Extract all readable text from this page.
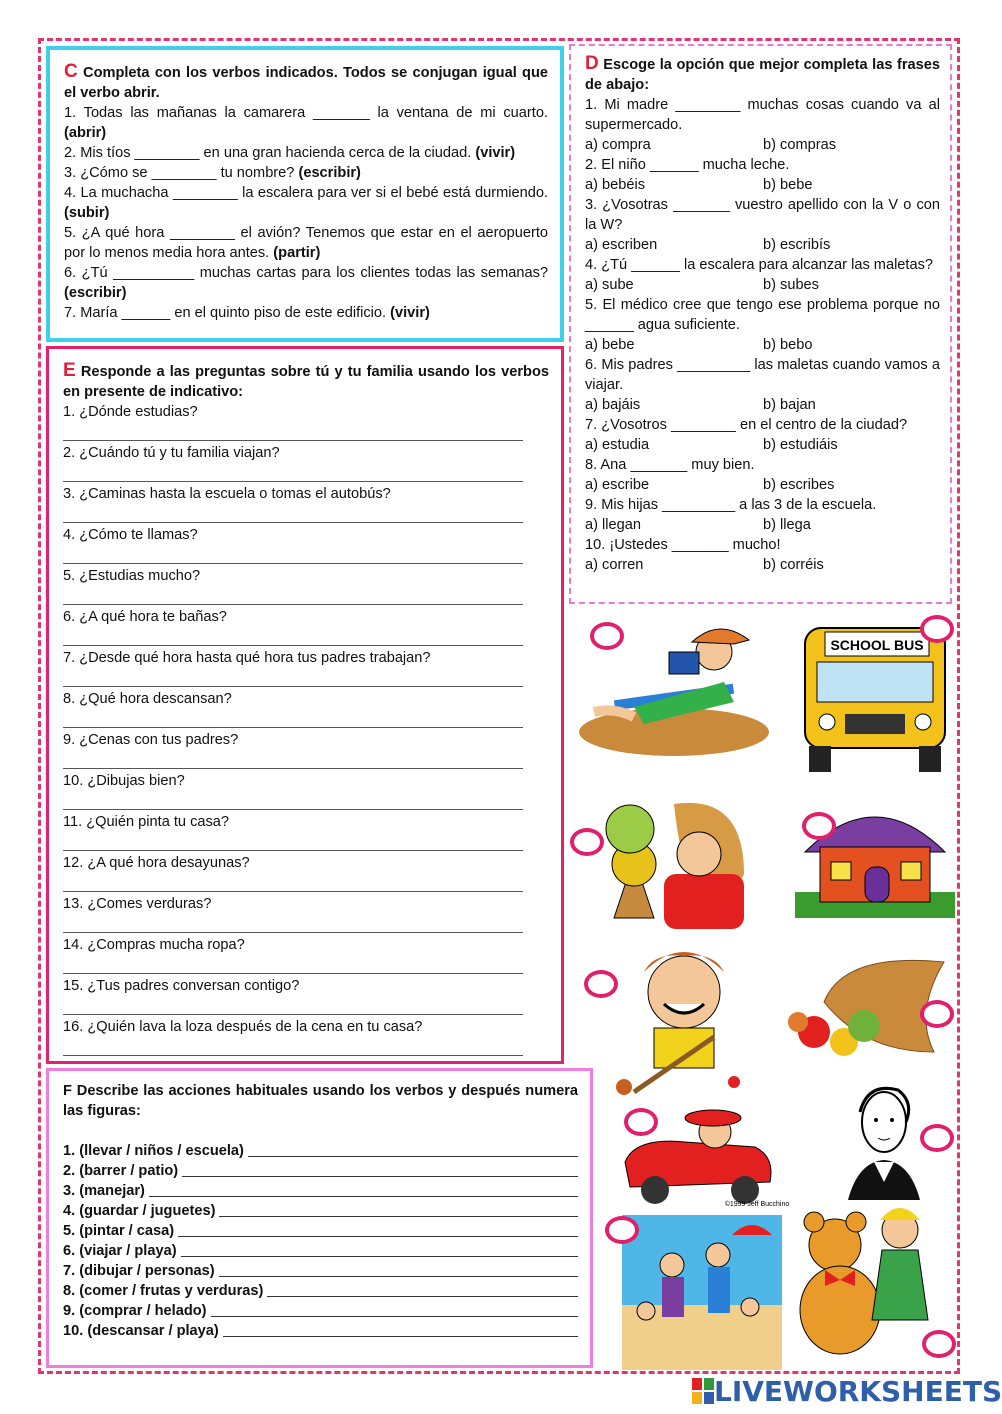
C Completa con los verbos indicados. Todos se conjugan igual que el verbo abrir.
1. Todas las mañanas la camarera _______ la ventana de mi cuarto. (abrir)
2. Mis tíos ________ en una gran hacienda cerca de la ciudad. (vivir)
3. ¿Cómo se ________ tu nombre? (escribir)
4. La muchacha ________ la escalera para ver si el bebé está durmiendo. (subir)
5. ¿A qué hora ________ el avión? Tenemos que estar en el aeropuerto por lo menos media hora antes. (partir)
6. ¿Tú __________ muchas cartas para los clientes todas las semanas? (escribir)
7. María ______ en el quinto piso de este edificio. (vivir)
D Escoge la opción que mejor completa las frases de abajo:
1. Mi madre ________ muchas cosas cuando va al supermercado.
a) compra	b) compras
2. El niño ______ mucha leche.
a) bebéis	b) bebe
3. ¿Vosotras _______ vuestro apellido con la V o con la W?
a) escriben	b) escribís
4. ¿Tú ______ la escalera para alcanzar las maletas?
a) sube	b) subes
5. El médico cree que tengo ese problema porque no ______ agua suficiente.
a) bebe	b) bebo
6. Mis padres _________ las maletas cuando vamos a viajar.
a) bajáis	b) bajan
7. ¿Vosotros ________ en el centro de la ciudad?
a) estudia	b) estudiáis
8. Ana _______ muy bien.
a) escribe	b) escribes
9. Mis hijas _________ a las 3 de la escuela.
a) llegan	b) llega
10. ¡Ustedes _______ mucho!
a) corren	b) corréis
E Responde a las preguntas sobre tú y tu familia usando los verbos en presente de indicativo:
1. ¿Dónde estudias?
2. ¿Cuándo tú y tu familia viajan?
3. ¿Caminas hasta la escuela o tomas el autobús?
4. ¿Cómo te llamas?
5. ¿Estudias mucho?
6. ¿A qué hora te bañas?
7. ¿Desde qué hora hasta qué hora tus padres trabajan?
8. ¿Qué hora descansan?
9. ¿Cenas con tus padres?
10. ¿Dibujas bien?
11. ¿Quién pinta tu casa?
12. ¿A qué hora desayunas?
13. ¿Comes verduras?
14. ¿Compras mucha ropa?
15. ¿Tus padres conversan contigo?
16. ¿Quién lava la loza después de la cena en tu casa?
F Describe las acciones habituales usando los verbos y después numera las figuras:
1. (llevar / niños / escuela)
2. (barrer / patio)
3. (manejar)
4. (guardar / juguetes)
5. (pintar / casa)
6. (viajar / playa)
7. (dibujar / personas)
8. (comer / frutas y verduras)
9. (comprar / helado)
10. (descansar / playa)
SCHOOL BUS
©1999 Jeff Bucchino
LIVEWORKSHEETS
